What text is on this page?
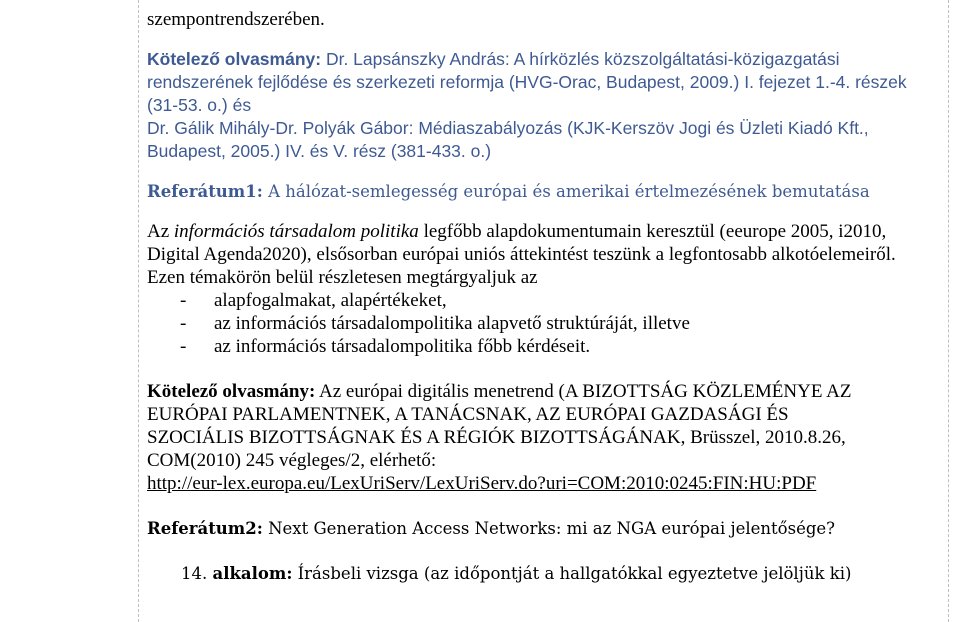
szempontrendszerében.
Kötelező olvasmány: Dr. Lapsánszky András: A hírközlés közszolgáltatási-közigazgatási
rendszerének fejlődése és szerkezeti reformja (HVG-Orac, Budapest, 2009.) I. fejezet 1.-4. részek
(31-53. o.) és
Dr. Gálik Mihály-Dr. Polyák Gábor: Médiaszabályozás (KJK-Kerszöv Jogi és Üzleti Kiadó Kft.,
Budapest, 2005.) IV. és V. rész (381-433. o.)
Referátum1: A hálózat-semlegesség európai és amerikai értelmezésének bemutatása
Az információs társadalom politika legfőbb alapdokumentumain keresztül (eeurope 2005, i2010,
Digital Agenda2020), elsősorban európai uniós áttekintést teszünk a legfontosabb alkotóelemeiről.
Ezen témakörön belül részletesen megtárgyaljuk az
- alapfogalmakat, alapértékeket,
- az információs társadalompolitika alapvető struktúráját, illetve
- az információs társadalompolitika főbb kérdéseit.
Kötelező olvasmány: Az európai digitális menetrend (A BIZOTTSÁG KÖZLEMÉNYE AZ
EURÓPAI PARLAMENTNEK, A TANÁCSNAK, AZ EURÓPAI GAZDASÁGI ÉS
SZOCIÁLIS BIZOTTSÁGNAK ÉS A RÉGIÓK BIZOTTSÁGÁNAK, Brüsszel, 2010.8.26,
COM(2010) 245 végleges/2, elérhető:
http://eur-lex.europa.eu/LexUriServ/LexUriServ.do?uri=COM:2010:0245:FIN:HU:PDF
Referátum2: Next Generation Access Networks: mi az NGA európai jelentősége?
14. alkalom: Írásbeli vizsga (az időpontját a hallgatókkal egyeztetve jelöljük ki)
